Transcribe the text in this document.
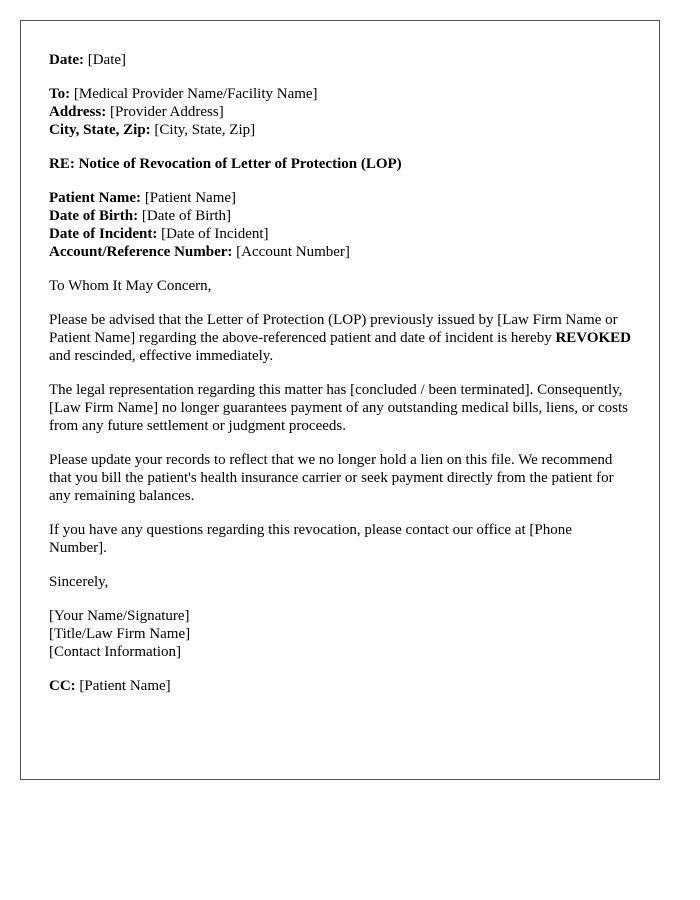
Date: [Date]
To: [Medical Provider Name/Facility Name]
Address: [Provider Address]
City, State, Zip: [City, State, Zip]
RE: Notice of Revocation of Letter of Protection (LOP)
Patient Name: [Patient Name]
Date of Birth: [Date of Birth]
Date of Incident: [Date of Incident]
Account/Reference Number: [Account Number]

To Whom It May Concern,

Please be advised that the Letter of Protection (LOP) previously issued by [Law Firm Name or Patient Name] regarding the above-referenced patient and date of incident is hereby REVOKED and rescinded, effective immediately.

The legal representation regarding this matter has [concluded / been terminated]. Consequently, [Law Firm Name] no longer guarantees payment of any outstanding medical bills, liens, or costs from any future settlement or judgment proceeds.

Please update your records to reflect that we no longer hold a lien on this file. We recommend that you bill the patient's health insurance carrier or seek payment directly from the patient for any remaining balances.

If you have any questions regarding this revocation, please contact our office at [Phone Number].

Sincerely,

[Your Name/Signature]
[Title/Law Firm Name]
[Contact Information]
CC: [Patient Name]
